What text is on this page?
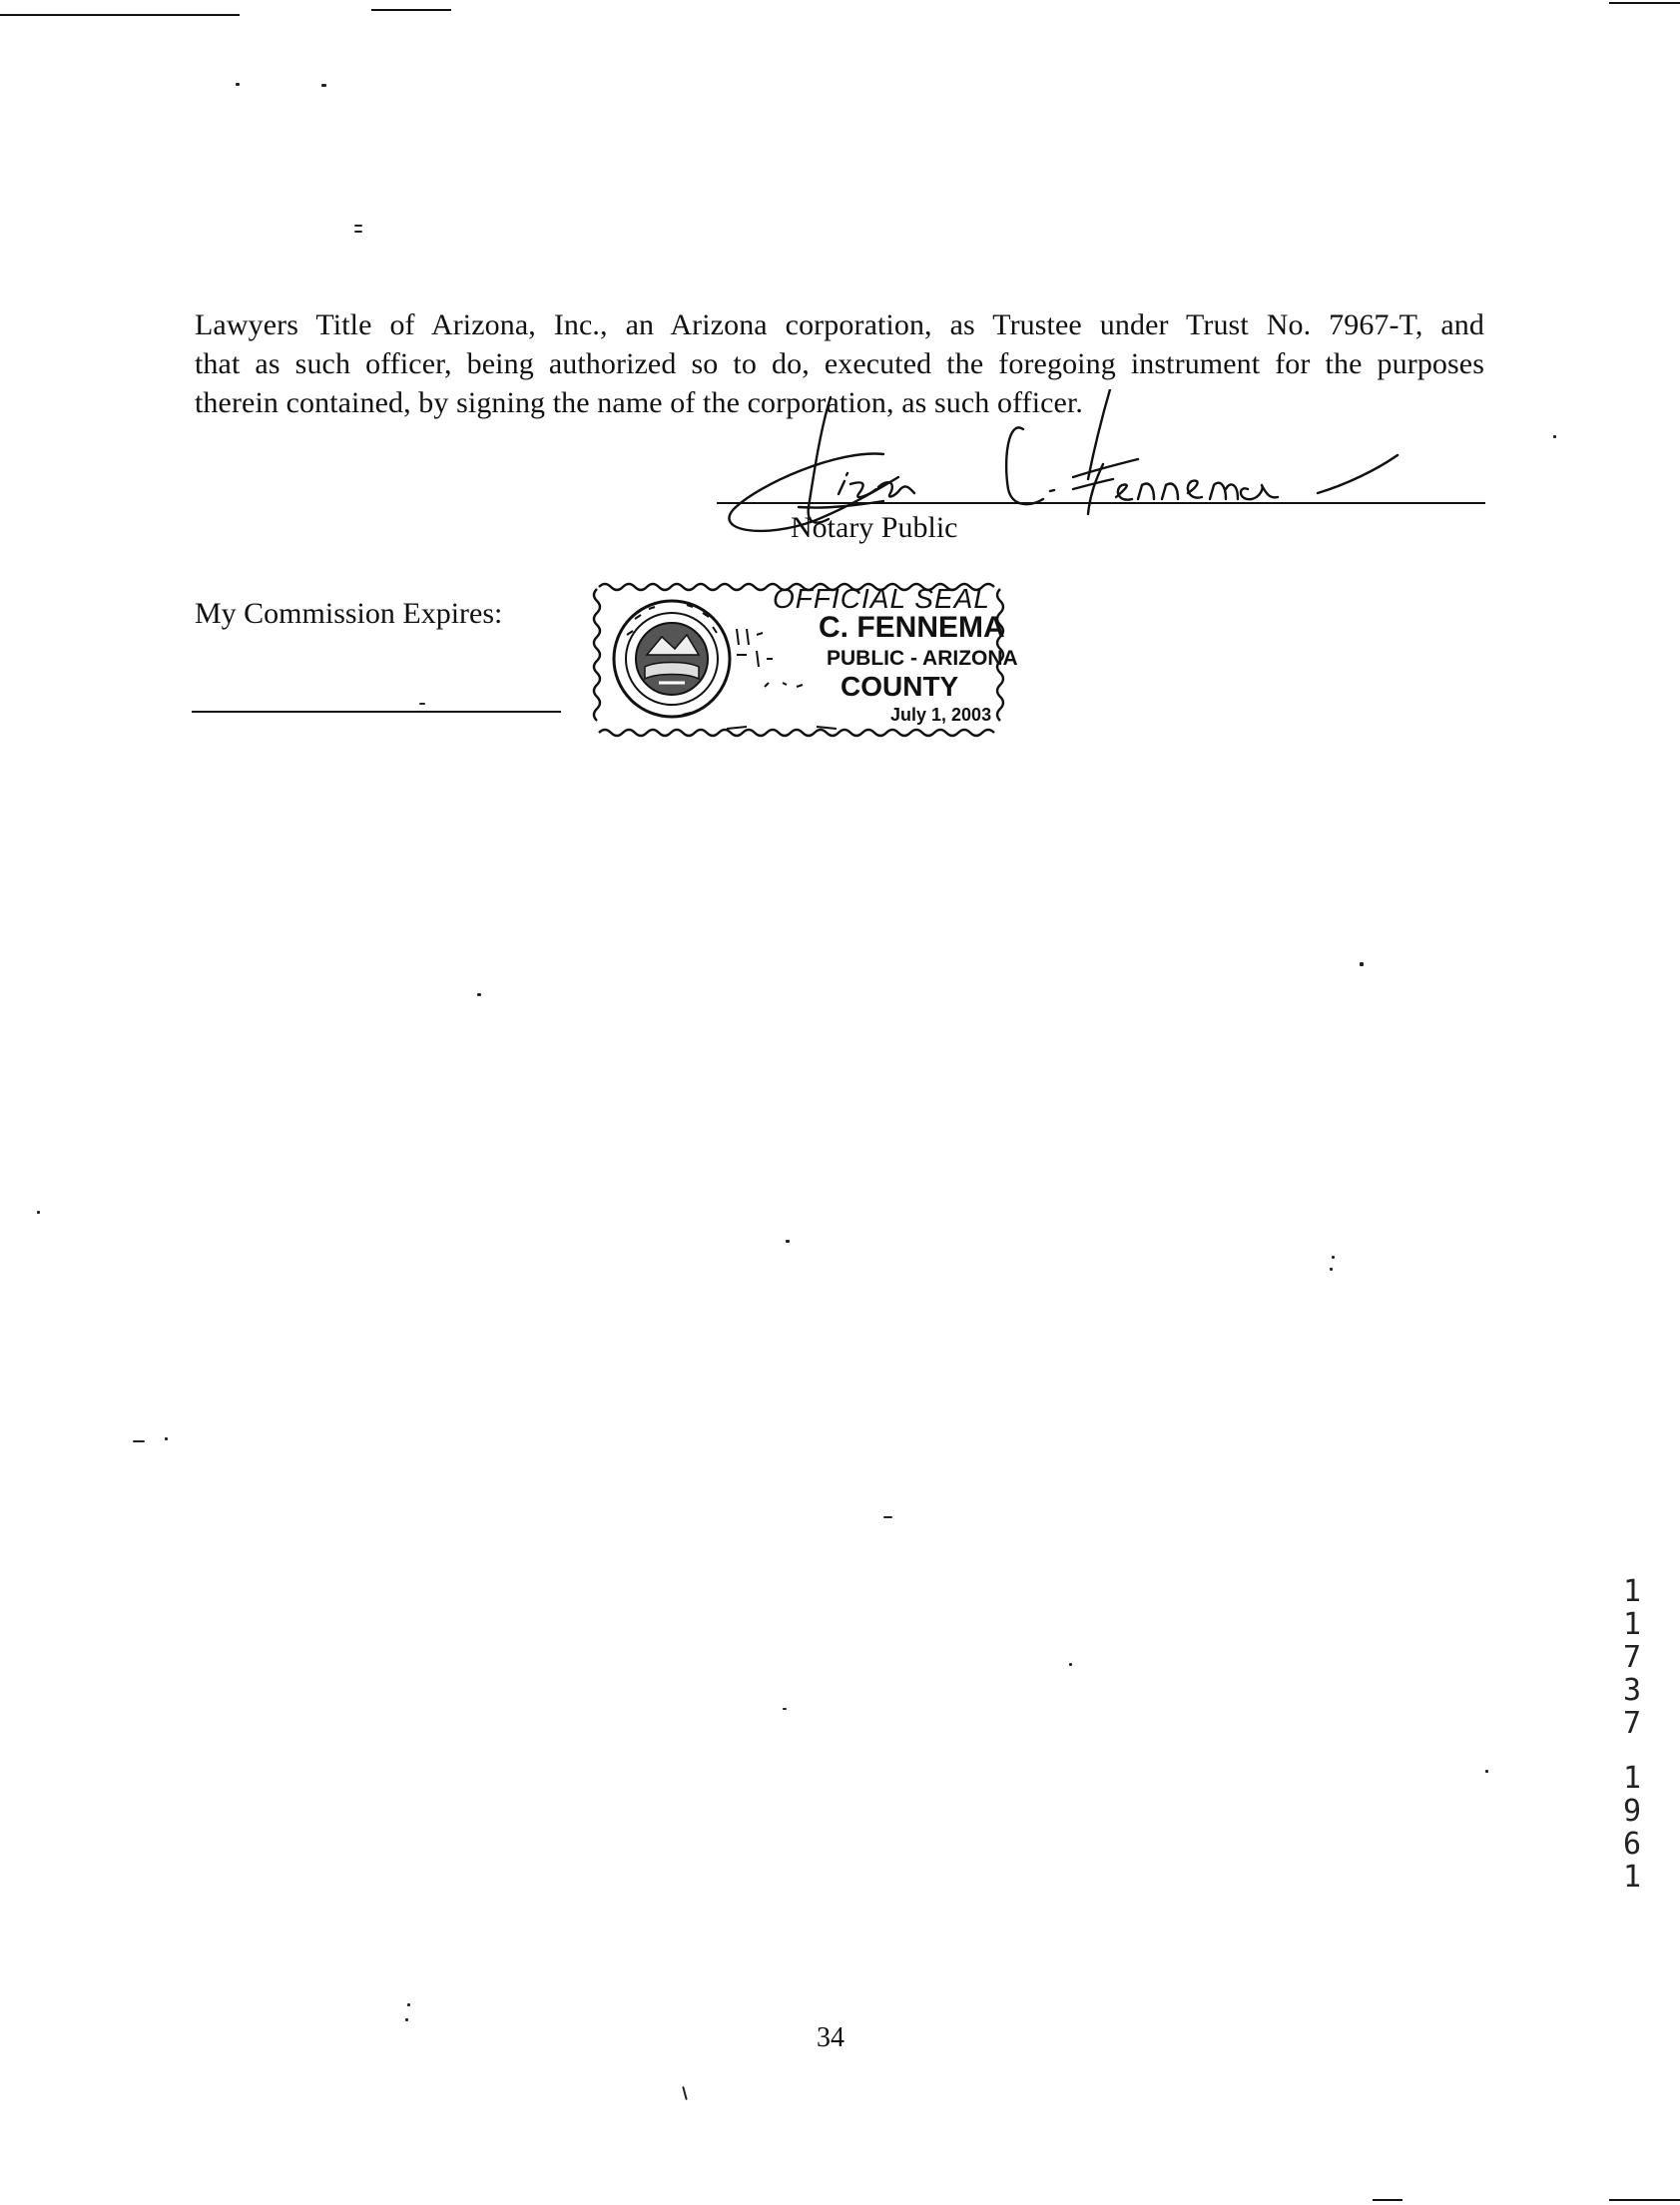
Lawyers Title of Arizona, Inc., an Arizona corporation, as Trustee under Trust No. 7967-T, and
that as such officer, being authorized so to do, executed the foregoing instrument for the purposes
therein contained, by signing the name of the corporation, as such officer.
Notary Public
My Commission Expires:	OFFICIAL SEAL
C. FENNEMA
PUBLIC - ARIZONA
COUNTY
July 1, 2003
34
1
1
7
3
7
1
9
6
1
